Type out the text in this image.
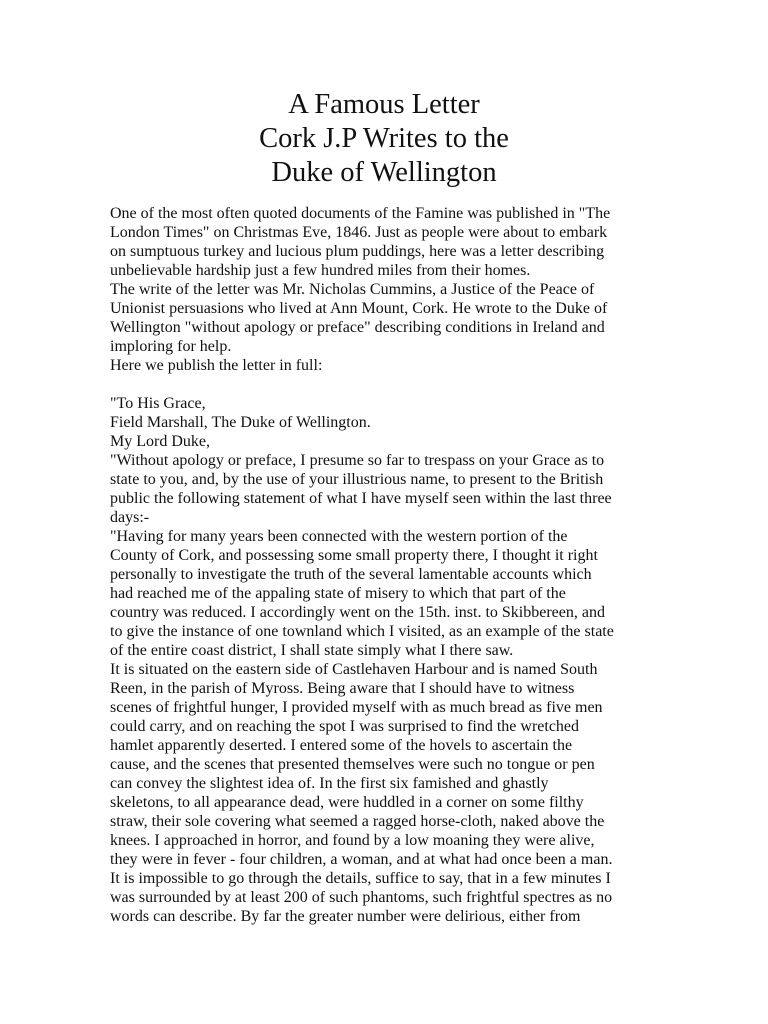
A Famous Letter
Cork J.P Writes to the
Duke of Wellington
One of the most often quoted documents of the Famine was published in "The
London Times" on Christmas Eve, 1846. Just as people were about to embark
on sumptuous turkey and lucious plum puddings, here was a letter describing
unbelievable hardship just a few hundred miles from their homes.
The write of the letter was Mr. Nicholas Cummins, a Justice of the Peace of
Unionist persuasions who lived at Ann Mount, Cork. He wrote to the Duke of
Wellington "without apology or preface" describing conditions in Ireland and
imploring for help.
Here we publish the letter in full:
"To His Grace,
Field Marshall, The Duke of Wellington.
My Lord Duke,
"Without apology or preface, I presume so far to trespass on your Grace as to
state to you, and, by the use of your illustrious name, to present to the British
public the following statement of what I have myself seen within the last three
days:-
"Having for many years been connected with the western portion of the
County of Cork, and possessing some small property there, I thought it right
personally to investigate the truth of the several lamentable accounts which
had reached me of the appaling state of misery to which that part of the
country was reduced. I accordingly went on the 15th. inst. to Skibbereen, and
to give the instance of one townland which I visited, as an example of the state
of the entire coast district, I shall state simply what I there saw.
It is situated on the eastern side of Castlehaven Harbour and is named South
Reen, in the parish of Myross. Being aware that I should have to witness
scenes of frightful hunger, I provided myself with as much bread as five men
could carry, and on reaching the spot I was surprised to find the wretched
hamlet apparently deserted. I entered some of the hovels to ascertain the
cause, and the scenes that presented themselves were such no tongue or pen
can convey the slightest idea of. In the first six famished and ghastly
skeletons, to all appearance dead, were huddled in a corner on some filthy
straw, their sole covering what seemed a ragged horse-cloth, naked above the
knees. I approached in horror, and found by a low moaning they were alive,
they were in fever - four children, a woman, and at what had once been a man.
It is impossible to go through the details, suffice to say, that in a few minutes I
was surrounded by at least 200 of such phantoms, such frightful spectres as no
words can describe. By far the greater number were delirious, either from
